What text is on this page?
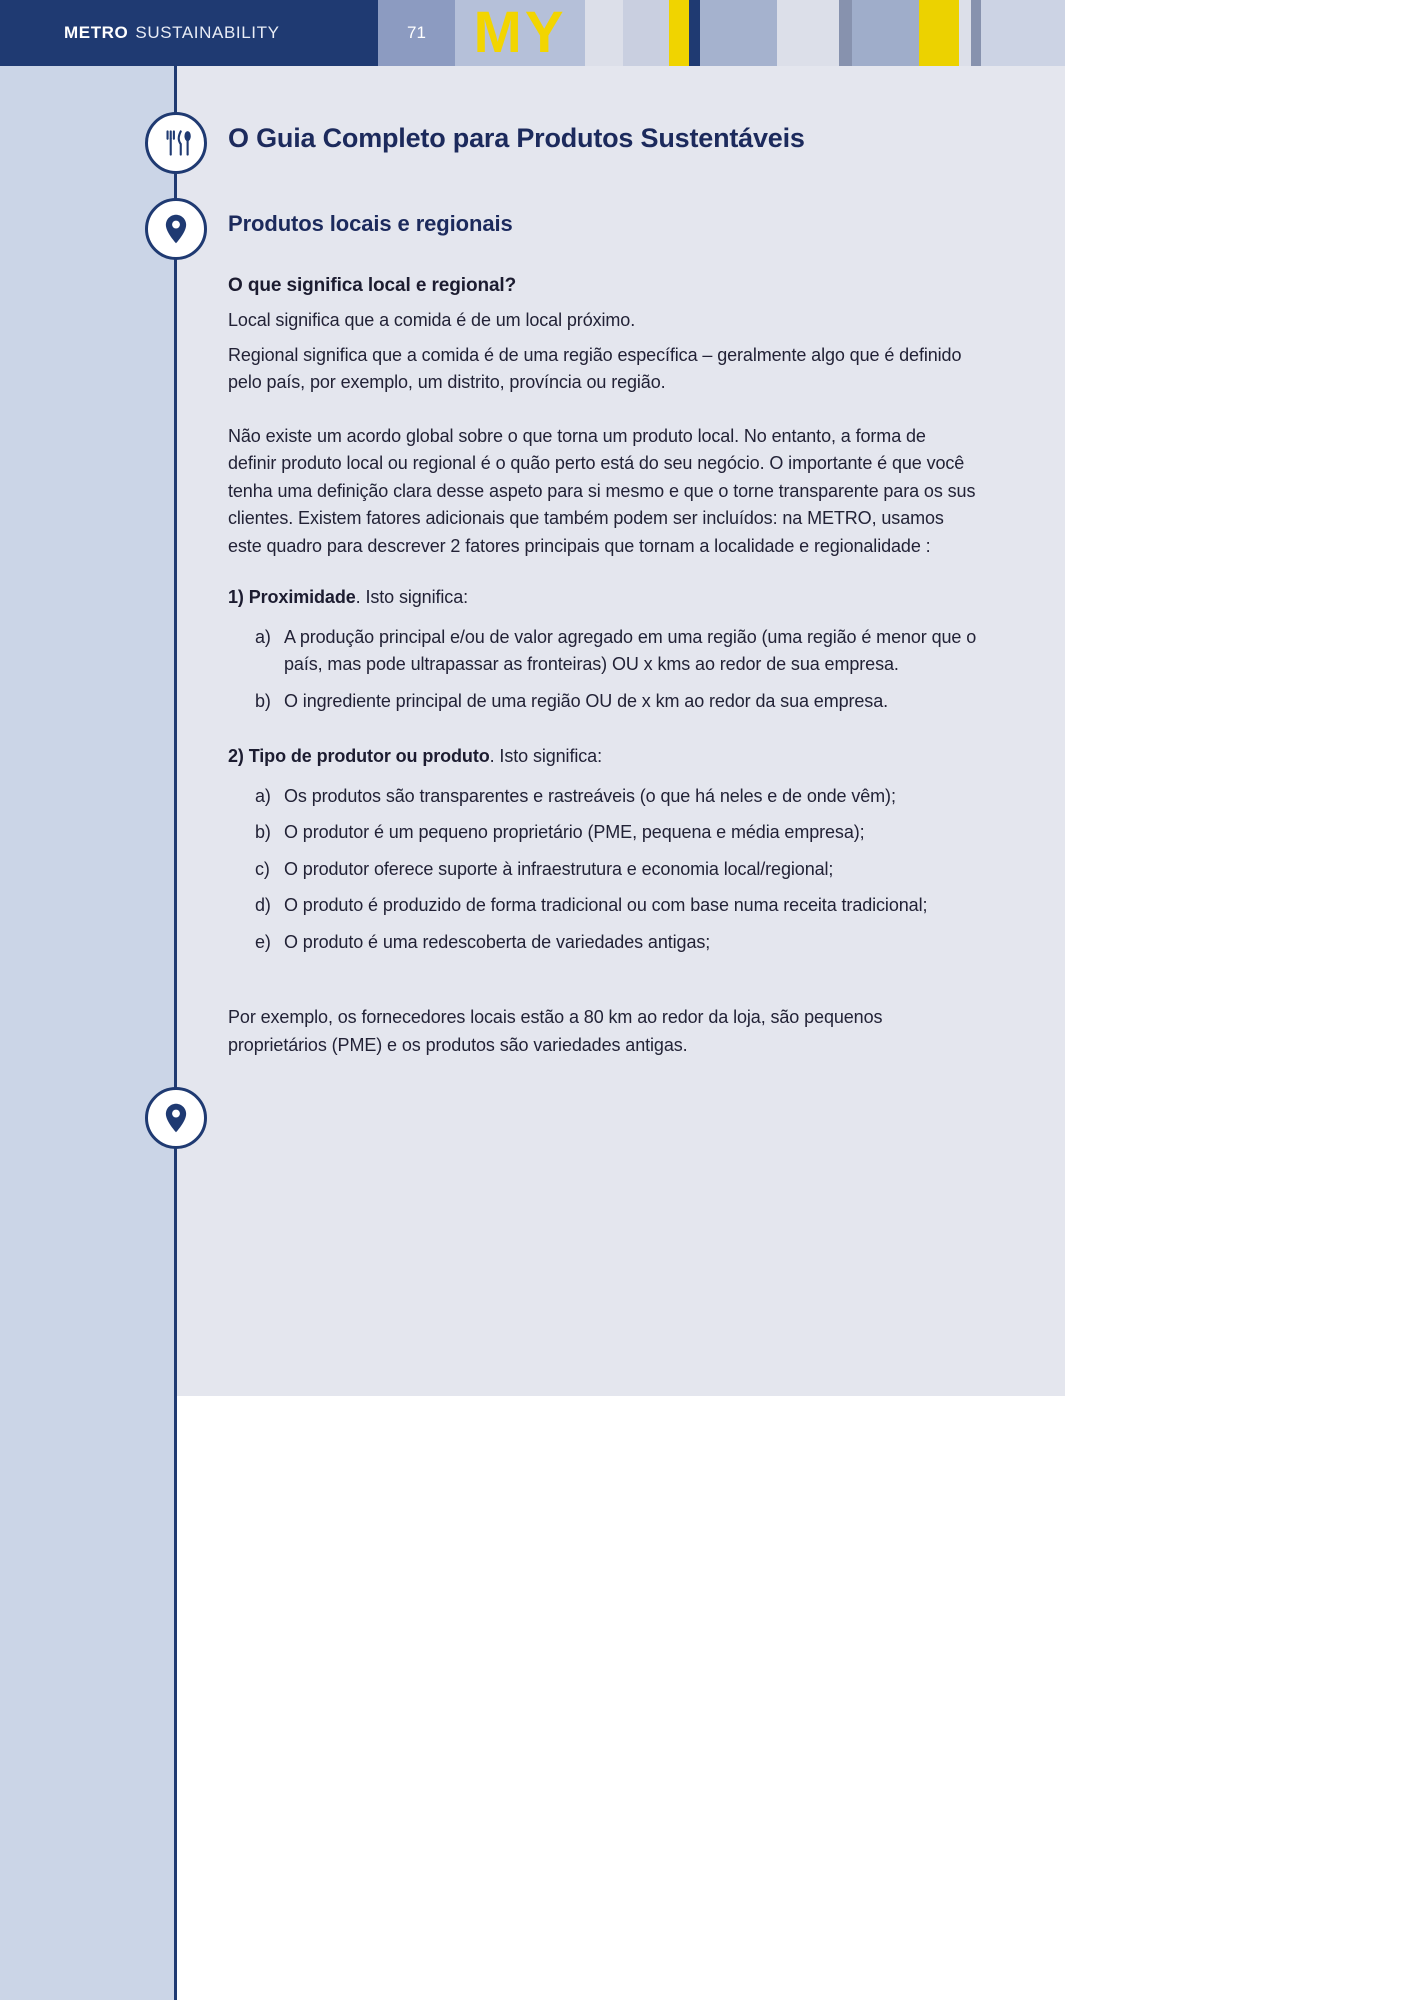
METRO SUSTAINABILITY	71 MY
O Guia Completo para Produtos Sustentáveis
Produtos locais e regionais
O que significa local e regional?

Local significa que a comida é de um local próximo.

Regional significa que a comida é de uma região específica – geralmente algo que é definido pelo país, por exemplo, um distrito, província ou região.

Não existe um acordo global sobre o que torna um produto local. No entanto, a forma de definir produto local ou regional é o quão perto está do seu negócio. O importante é que você tenha uma definição clara desse aspeto para si mesmo e que o torne transparente para os sus clientes. Existem fatores adicionais que também podem ser incluídos: na METRO, usamos este quadro para descrever 2 fatores principais que tornam a localidade e regionalidade :

1) Proximidade. Isto significa:

a) A produção principal e/ou de valor agregado em uma região (uma região é menor que o país, mas pode ultrapassar as fronteiras) OU x kms ao redor de sua empresa.
b) O ingrediente principal de uma região OU de x km ao redor da sua empresa.

2) Tipo de produtor ou produto. Isto significa:

a) Os produtos são transparentes e rastreáveis (o que há neles e de onde vêm);
b) O produtor é um pequeno proprietário (PME, pequena e média empresa);
c) O produtor oferece suporte à infraestrutura e economia local/regional;
d) O produto é produzido de forma tradicional ou com base numa receita tradicional;
e) O produto é uma redescoberta de variedades antigas;

Por exemplo, os fornecedores locais estão a 80 km ao redor da loja, são pequenos proprietários (PME) e os produtos são variedades antigas.
